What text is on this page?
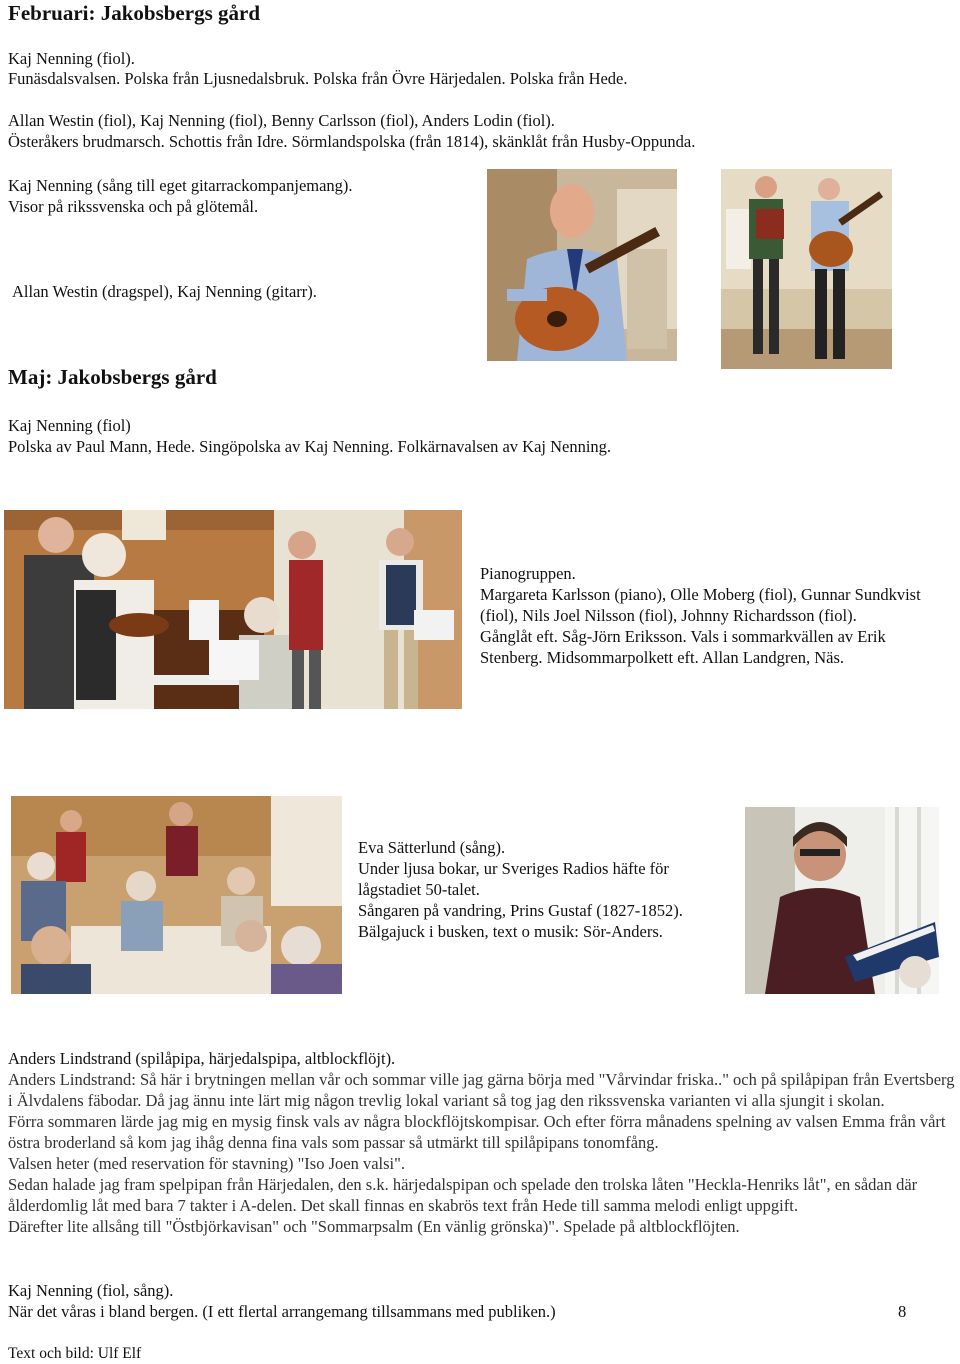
Februari: Jakobsbergs gård
Kaj Nenning (fiol).
Funäsdalsvalsen. Polska från Ljusnedalsbruk. Polska från Övre Härjedalen. Polska från Hede.
Allan Westin (fiol), Kaj Nenning (fiol), Benny Carlsson (fiol), Anders Lodin (fiol).
Österåkers brudmarsch. Schottis från Idre. Sörmlandspolska (från 1814), skänklåt från Husby-Oppunda.
Kaj Nenning (sång till eget gitarrackompanjemang).
Visor på rikssvenska och på glötemål.
Allan Westin (dragspel), Kaj Nenning (gitarr).
Maj: Jakobsbergs gård
Kaj Nenning (fiol)
Polska av Paul Mann, Hede. Singöpolska av Kaj Nenning. Folkärnavalsen av Kaj Nenning.
Pianogruppen.
Margareta Karlsson (piano), Olle Moberg (fiol), Gunnar Sundkvist (fiol), Nils Joel Nilsson (fiol), Johnny Richardsson (fiol).
Gånglåt eft. Såg-Jörn Eriksson. Vals i sommarkvällen av Erik Stenberg. Midsommarpolkett eft. Allan Landgren, Näs.
Eva Sätterlund (sång).
Under ljusa bokar, ur Sveriges Radios häfte för
lågstadiet 50-talet.
Sångaren på vandring, Prins Gustaf (1827-1852).
Bälgajuck i busken, text o musik: Sör-Anders.
Anders Lindstrand (spilåpipa, härjedalspipa, altblockflöjt).
Anders Lindstrand: Så här i brytningen mellan vår och sommar ville jag gärna börja med "Vårvindar friska.." och på spilåpipan från Evertsberg i Älvdalens fäbodar. Då jag ännu inte lärt mig någon trevlig lokal variant så tog jag den rikssvenska varianten vi alla sjungit i skolan.
Förra sommaren lärde jag mig en mysig finsk vals av några blockflöjtskompisar. Och efter förra månadens spelning av valsen Emma från vårt östra broderland så kom jag ihåg denna fina vals som passar så utmärkt till spilåpipans tonomfång.
Valsen heter (med reservation för stavning) "Iso Joen valsi".
Sedan halade jag fram spelpipan från Härjedalen, den s.k. härjedalspipan och spelade den trolska låten "Heckla-Henriks låt", en sådan där ålderdomlig låt med bara 7 takter i A-delen. Det skall finnas en skabrös text från Hede till samma melodi enligt uppgift.
Därefter lite allsång till "Östbjörkavisan" och "Sommarpsalm (En vänlig grönska)". Spelade på altblockflöjten.
Kaj Nenning (fiol, sång).
När det våras i bland bergen. (I ett flertal arrangemang tillsammans med publiken.)	8
Text och bild: Ulf Elf
